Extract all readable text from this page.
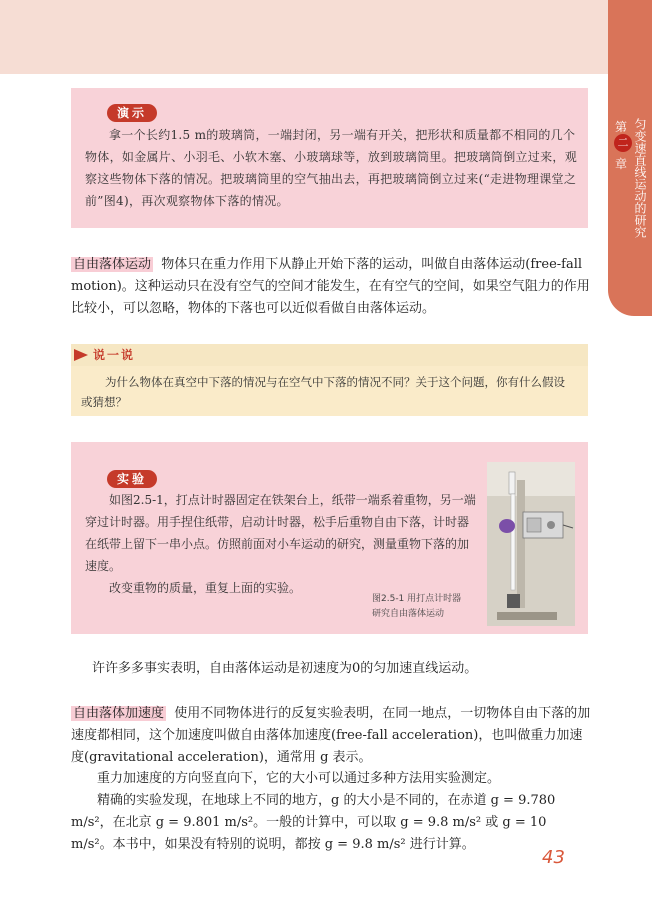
第
二
章 匀变速直线运动的研究
演示

拿一个长约1.5 m的玻璃筒，一端封闭，另一端有开关，把形状和质量都不相同的几个物体，如金属片、小羽毛、小软木塞、小玻璃球等，放到玻璃筒里。把玻璃筒倒立过来，观察这些物体下落的情况。把玻璃筒里的空气抽出去，再把玻璃筒倒立过来(“走进物理课堂之前”图4)，再次观察物体下落的情况。

自由落体运动 物体只在重力作用下从静止开始下落的运动，叫做自由落体运动(free-fall motion)。这种运动只在没有空气的空间才能发生，在有空气的空间，如果空气阻力的作用比较小，可以忽略，物体的下落也可以近似看做自由落体运动。
说一说

为什么物体在真空中下落的情况与在空气中下落的情况不同？关于这个问题，你有什么假设或猜想？

实验

如图2.5-1，打点计时器固定在铁架台上，纸带一端系着重物，另一端穿过计时器。用手捏住纸带，启动计时器，松手后重物自由下落，计时器在纸带上留下一串小点。仿照前面对小车运动的研究，测量重物下落的加速度。

改变重物的质量，重复上面的实验。

图2.5-1 用打点计时器
研究自由落体运动
许许多多事实表明，自由落体运动是初速度为0的匀加速直线运动。
自由落体加速度 使用不同物体进行的反复实验表明，在同一地点，一切物体自由下落的加速度都相同，这个加速度叫做自由落体加速度(free-fall acceleration)，也叫做重力加速度(gravitational acceleration)，通常用 g 表示。
重力加速度的方向竖直向下，它的大小可以通过多种方法用实验测定。
精确的实验发现，在地球上不同的地方，g 的大小是不同的，在赤道 g = 9.780 m/s²，在北京 g = 9.801 m/s²。一般的计算中，可以取 g = 9.8 m/s² 或 g = 10 m/s²。本书中，如果没有特别的说明，都按 g = 9.8 m/s² 进行计算。
43
